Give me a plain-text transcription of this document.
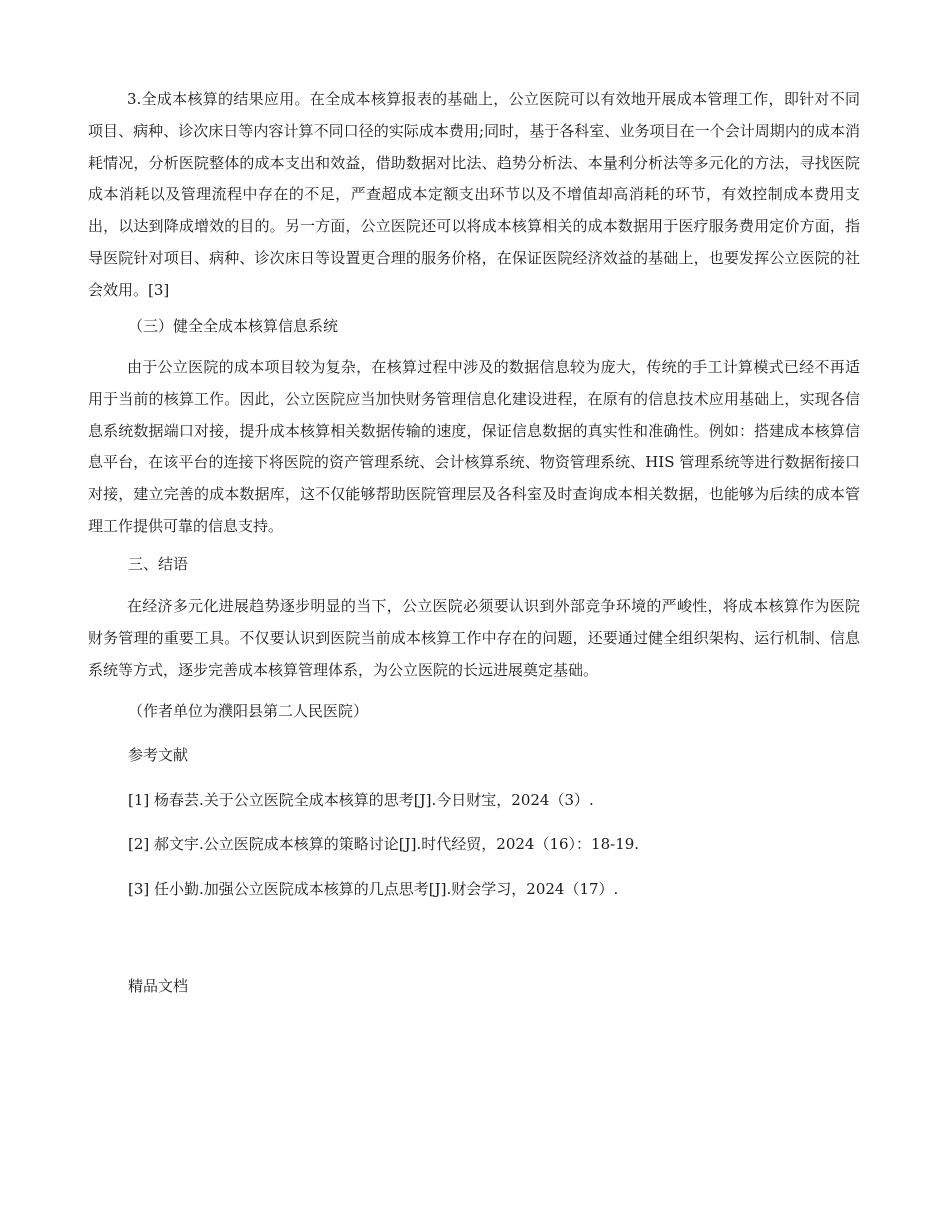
3.全成本核算的结果应用。在全成本核算报表的基础上，公立医院可以有效地开展成本管理工作，即针对不同项目、病种、诊次床日等内容计算不同口径的实际成本费用;同时，基于各科室、业务项目在一个会计周期内的成本消耗情况，分析医院整体的成本支出和效益，借助数据对比法、趋势分析法、本量利分析法等多元化的方法，寻找医院成本消耗以及管理流程中存在的不足，严查超成本定额支出环节以及不增值却高消耗的环节，有效控制成本费用支出，以达到降成增效的目的。另一方面，公立医院还可以将成本核算相关的成本数据用于医疗服务费用定价方面，指导医院针对项目、病种、诊次床日等设置更合理的服务价格，在保证医院经济效益的基础上，也要发挥公立医院的社会效用。[3]

（三）健全全成本核算信息系统

由于公立医院的成本项目较为复杂，在核算过程中涉及的数据信息较为庞大，传统的手工计算模式已经不再适用于当前的核算工作。因此，公立医院应当加快财务管理信息化建设进程，在原有的信息技术应用基础上，实现各信息系统数据端口对接，提升成本核算相关数据传输的速度，保证信息数据的真实性和准确性。例如：搭建成本核算信息平台，在该平台的连接下将医院的资产管理系统、会计核算系统、物资管理系统、HIS 管理系统等进行数据衔接口对接，建立完善的成本数据库，这不仅能够帮助医院管理层及各科室及时查询成本相关数据，也能够为后续的成本管理工作提供可靠的信息支持。

三、结语

在经济多元化进展趋势逐步明显的当下，公立医院必须要认识到外部竞争环境的严峻性，将成本核算作为医院财务管理的重要工具。不仅要认识到医院当前成本核算工作中存在的问题，还要通过健全组织架构、运行机制、信息系统等方式，逐步完善成本核算管理体系，为公立医院的长远进展奠定基础。

（作者单位为濮阳县第二人民医院）

参考文献

[1] 杨春芸.关于公立医院全成本核算的思考[J].今日财宝，2024（3）.

[2] 郝文宇.公立医院成本核算的策略讨论[J].时代经贸，2024（16）：18-19.

[3] 任小勤.加强公立医院成本核算的几点思考[J].财会学习，2024（17）.

精品文档
